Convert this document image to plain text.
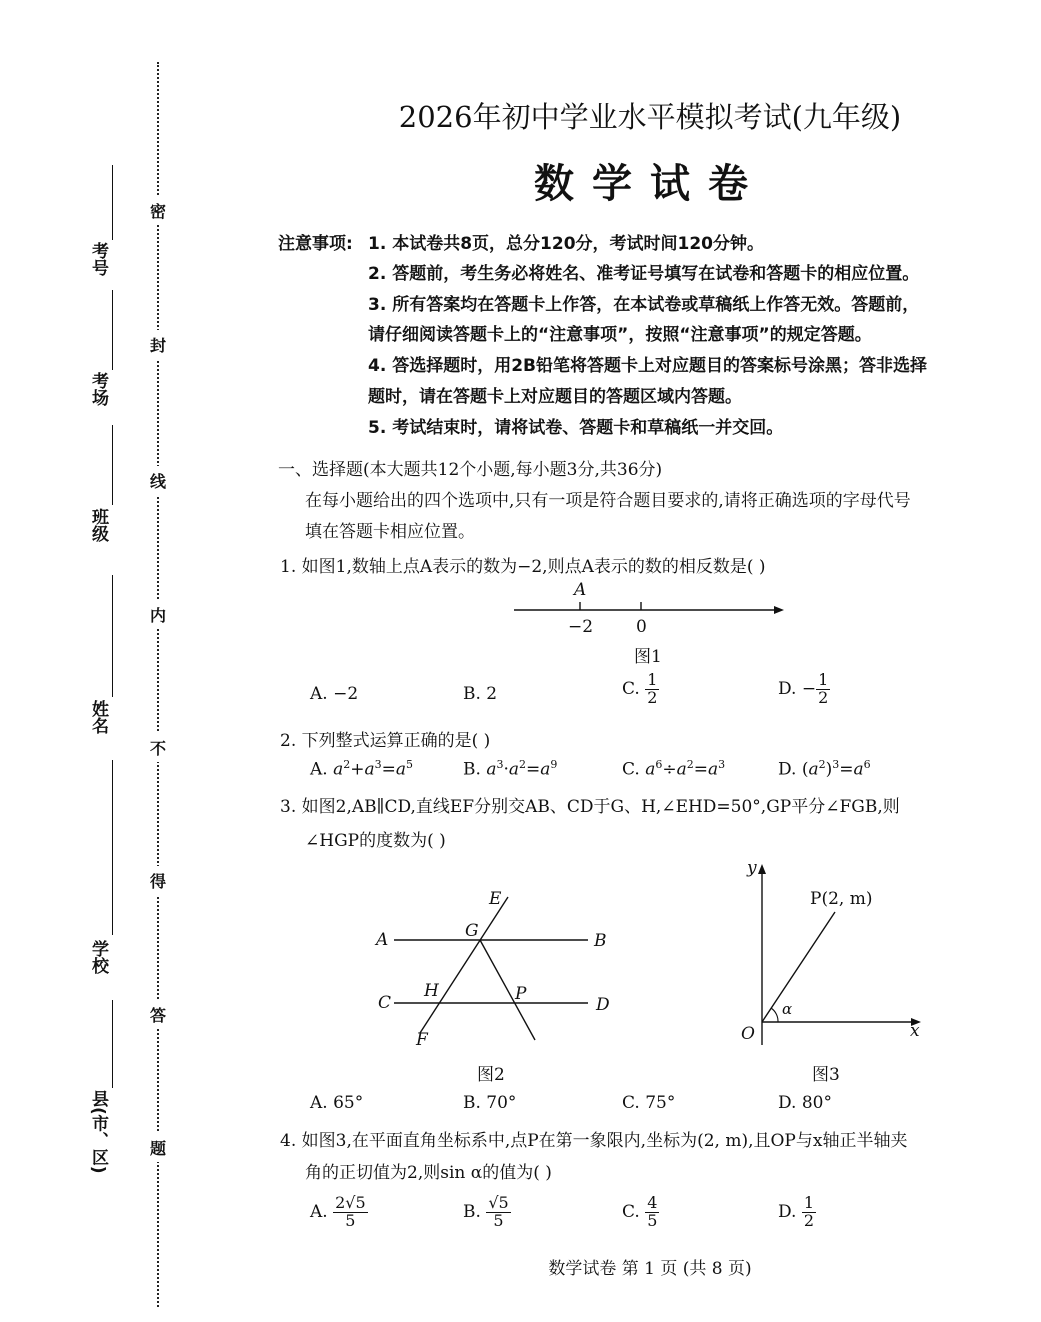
考号
考场
班级
姓名
学校
县(市、区)
密
封
线
内
不
得
答
题
2026年初中学业水平模拟考试(九年级)
数学试卷
注意事项: 1. 本试卷共8页，总分120分，考试时间120分钟。
2. 答题前，考生务必将姓名、准考证号填写在试卷和答题卡的相应位置。
3. 所有答案均在答题卡上作答，在本试卷或草稿纸上作答无效。答题前，
请仔细阅读答题卡上的“注意事项”，按照“注意事项”的规定答题。
4. 答选择题时，用2B铅笔将答题卡上对应题目的答案标号涂黑；答非选择
题时，请在答题卡上对应题目的答题区域内答题。
5. 考试结束时，请将试卷、答题卡和草稿纸一并交回。
一、选择题(本大题共12个小题,每小题3分,共36分)
在每小题给出的四个选项中,只有一项是符合题目要求的,请将正确选项的字母代号
填在答题卡相应位置。
1. 如图1,数轴上点A表示的数为−2,则点A表示的数的相反数是( )
A
−2	0
图1
A. −2	B. 2	C. $\frac{1}{2}$	D. − $\frac{1}{2}$
2. 下列整式运算正确的是( )
A. $a^2+a^3=a^5$	B. $a^3\cdot a^2=a^9$	C. $a^6\div a^2=a^3$	D. $(a^2)^3=a^6$
3. 如图2,AB∥CD,直线EF分别交AB、CD于G、H,∠EHD=50°,GP平分∠FGB,则
∠HGP的度数为( )
E
G
A	B
C
H	P
D
F
图2
y
P(2, m)
α
O	x
图3
A. 65°	B. 70°	C. 75°	D. 80°
4. 如图3,在平面直角坐标系中,点P在第一象限内,坐标为(2, m),且OP与x轴正半轴夹
角的正切值为2,则sin α的值为( )
A. $\frac{2√5}{5}$	B. $\frac{√5}{5}$	C. $\frac{4}{5}$	D. $\frac{1}{2}$
数学试卷 第 1 页 (共 8 页)
